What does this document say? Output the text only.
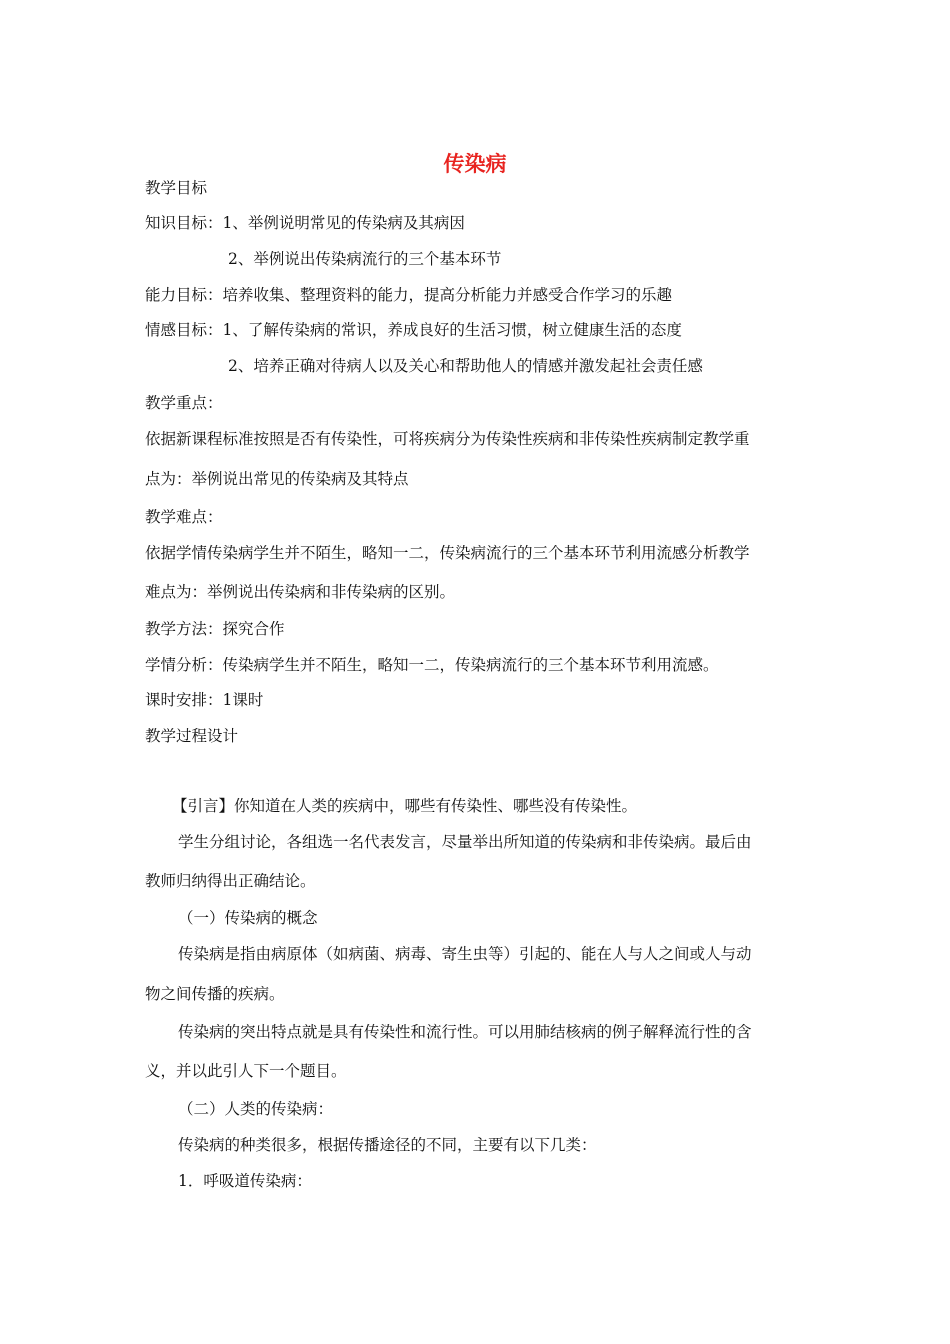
传染病
教学目标
知识目标：1、举例说明常见的传染病及其病因
2、举例说出传染病流行的三个基本环节
能力目标：培养收集、整理资料的能力，提高分析能力并感受合作学习的乐趣
情感目标：1、了解传染病的常识，养成良好的生活习惯，树立健康生活的态度
2、培养正确对待病人以及关心和帮助他人的情感并激发起社会责任感
教学重点：
依据新课程标准按照是否有传染性，可将疾病分为传染性疾病和非传染性疾病制定教学重
点为：举例说出常见的传染病及其特点
教学难点：
依据学情传染病学生并不陌生，略知一二，传染病流行的三个基本环节利用流感分析教学
难点为：举例说出传染病和非传染病的区别。
教学方法：探究合作
学情分析：传染病学生并不陌生，略知一二，传染病流行的三个基本环节利用流感。
课时安排：1课时
教学过程设计
【引言】你知道在人类的疾病中，哪些有传染性、哪些没有传染性。
学生分组讨论，各组选一名代表发言，尽量举出所知道的传染病和非传染病。最后由
教师归纳得出正确结论。
（一）传染病的概念
传染病是指由病原体（如病菌、病毒、寄生虫等）引起的、能在人与人之间或人与动
物之间传播的疾病。
传染病的突出特点就是具有传染性和流行性。可以用肺结核病的例子解释流行性的含
义，并以此引人下一个题目。
（二）人类的传染病：
传染病的种类很多，根据传播途径的不同，主要有以下几类：
1．呼吸道传染病：
